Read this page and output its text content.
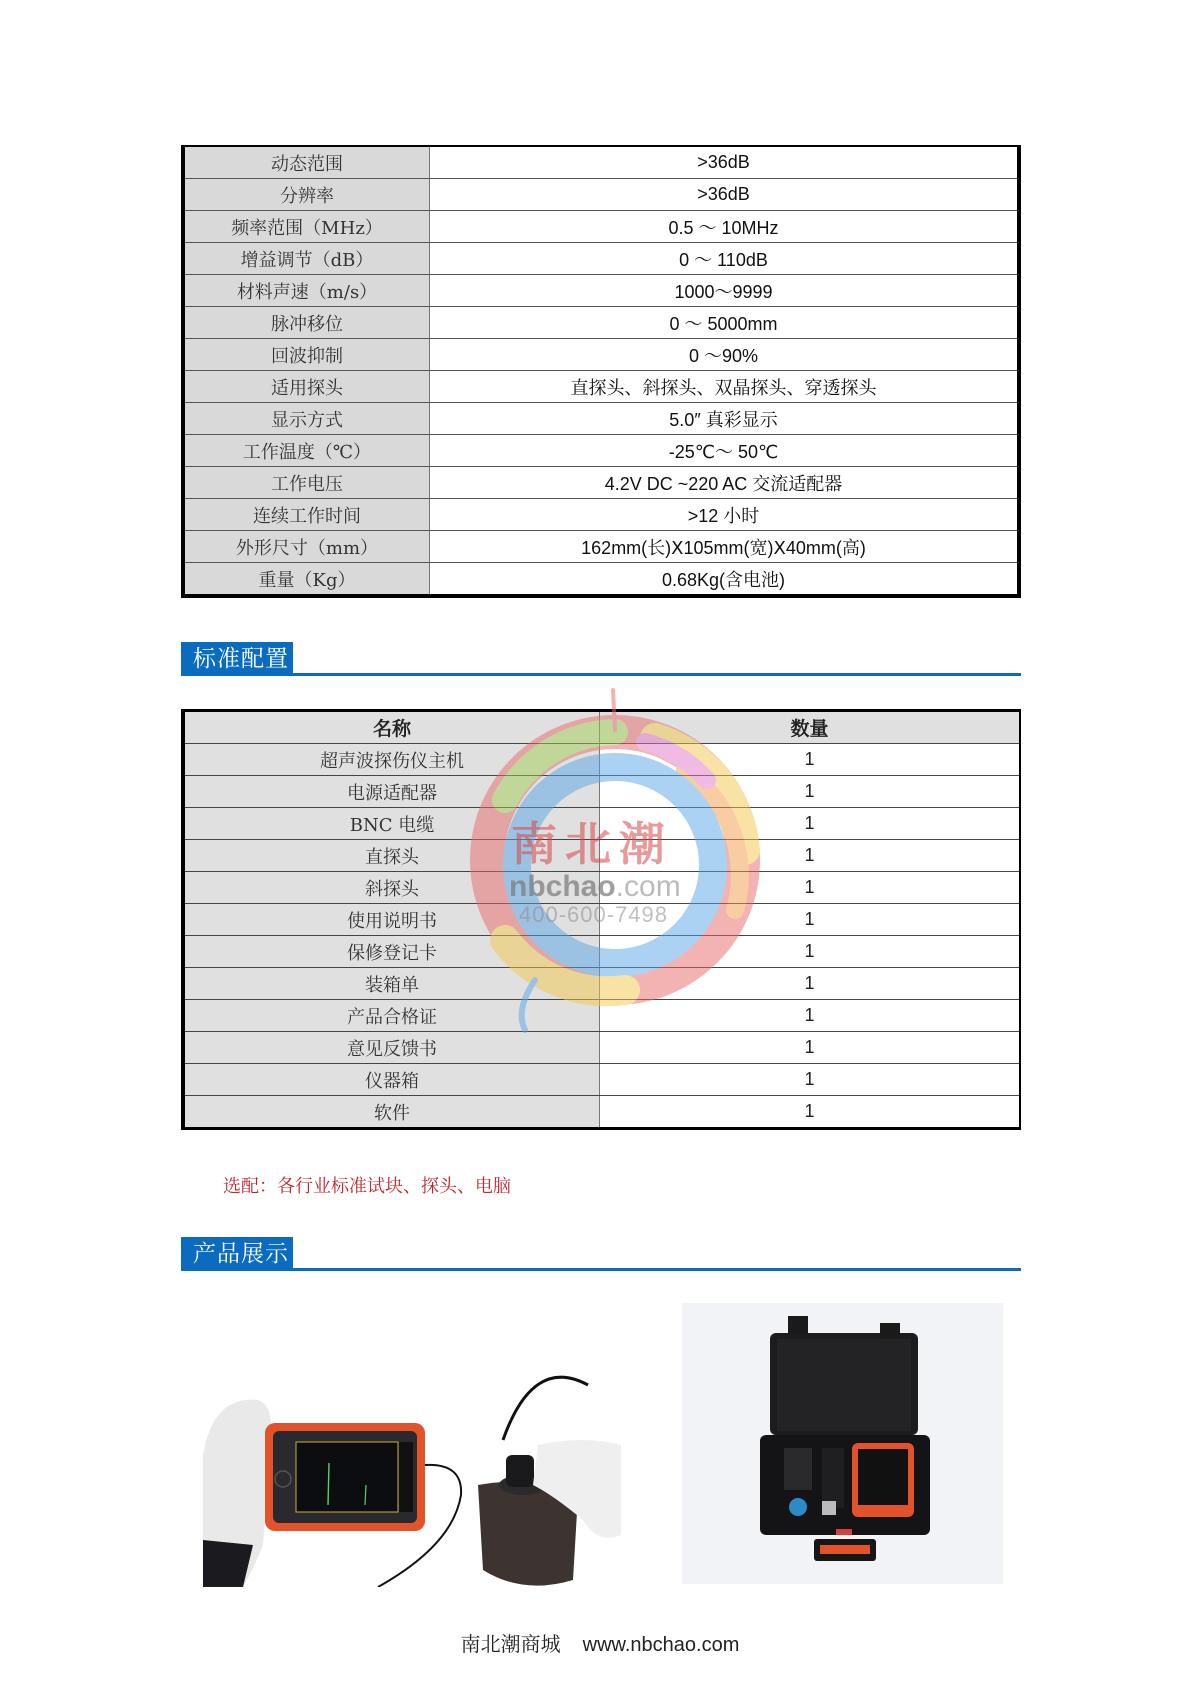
动态范围	>36dB
分辨率	>36dB
频率范围（MHz）	0.5 ～ 10MHz
增益调节（dB）	0 ～ 110dB
材料声速（m/s）	1000～9999
脉冲移位	0 ～ 5000mm
回波抑制	0 ～90%
适用探头	直探头、斜探头、双晶探头、穿透探头
显示方式	5.0″ 真彩显示
工作温度（℃）	-25℃～ 50℃
工作电压	4.2V DC ~220 AC 交流适配器
连续工作时间	>12 小时
外形尺寸（mm）	162mm(长)Ⅹ105mm(宽)Ⅹ40mm(高)
重量（Kg）	0.68Kg(含电池)
标准配置
名称	数量
超声波探伤仪主机	1
电源适配器	1
BNC 电缆	1
直探头	1
斜探头	1
使用说明书	1
保修登记卡	1
装箱单	1
产品合格证	1
意见反馈书	1
仪器箱	1
软件	1
南北潮
nbchao.com
400-600-7498
选配：各行业标准试块、探头、电脑
产品展示
南北潮商城 www.nbchao.com
